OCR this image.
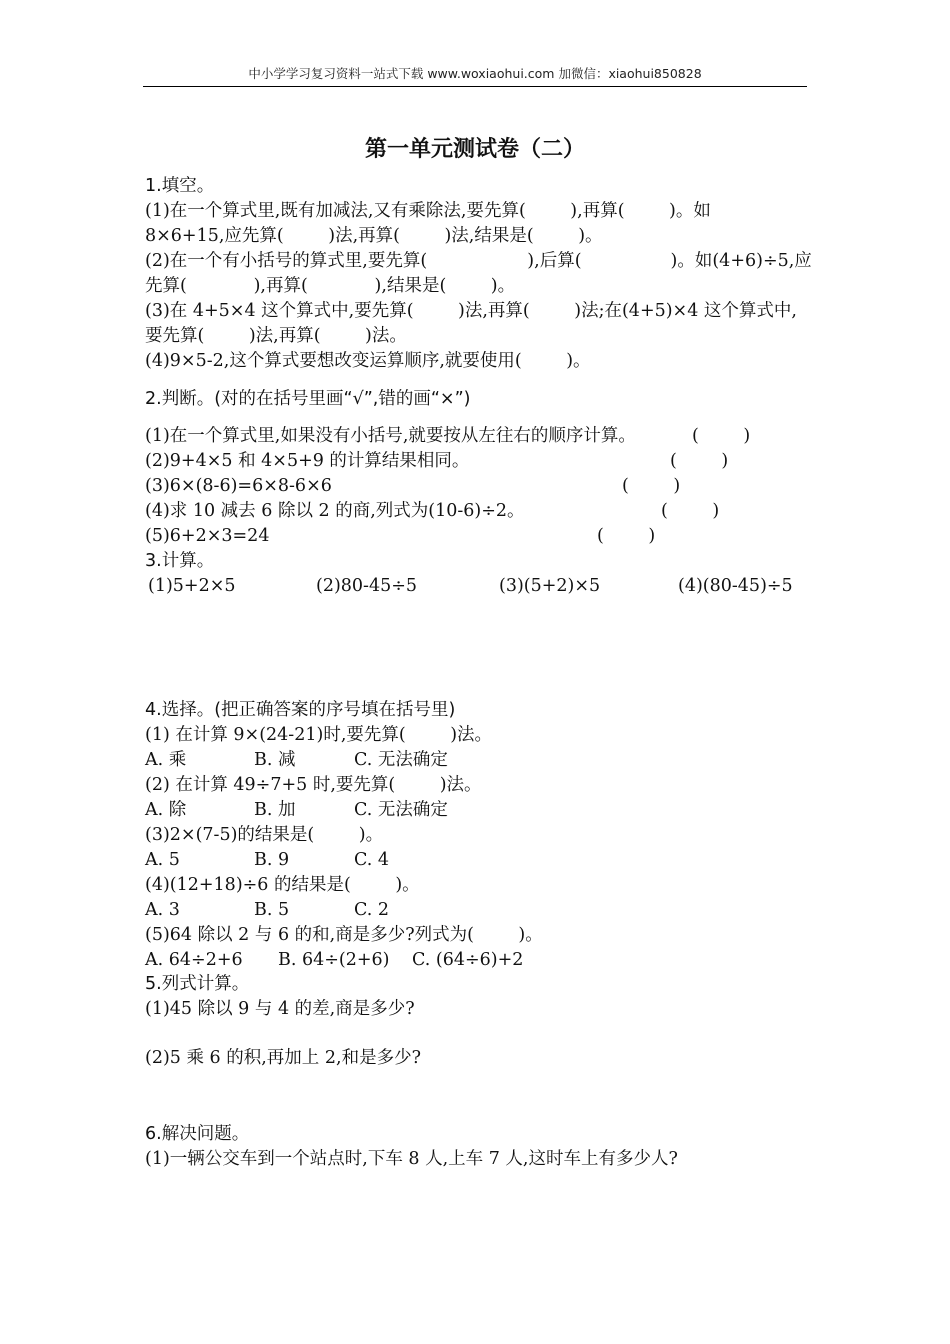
中小学学习复习资料一站式下载 www.woxiaohui.com 加微信：xiaohui850828
第一单元测试卷（二）
1.填空。
(1)在一个算式里,既有加减法,又有乘除法,要先算(        ),再算(        )。如
8×6+15,应先算(        )法,再算(        )法,结果是(        )。
(2)在一个有小括号的算式里,要先算(                  ),后算(                )。如(4+6)÷5,应
先算(            ),再算(            ),结果是(        )。
(3)在 4+5×4 这个算式中,要先算(        )法,再算(        )法;在(4+5)×4 这个算式中,
要先算(        )法,再算(        )法。
(4)9×5-2,这个算式要想改变运算顺序,就要使用(        )。
2.判断。(对的在括号里画“√”,错的画“×”)
(1)在一个算式里,如果没有小括号,就要按从左往右的顺序计算。	(        )
(2)9+4×5 和 4×5+9 的计算结果相同。	(        )
(3)6×(8-6)=6×8-6×6	(        )
(4)求 10 减去 6 除以 2 的商,列式为(10-6)÷2。	(        )
(5)6+2×3=24	(        )
3.计算。
(1)5+2×5	(2)80-45÷5	(3)(5+2)×5	(4)(80-45)÷5
4.选择。(把正确答案的序号填在括号里)
(1) 在计算 9×(24-21)时,要先算(        )法。
A. 乘	B. 减	C. 无法确定
(2) 在计算 49÷7+5 时,要先算(        )法。
A. 除	B. 加	C. 无法确定
(3)2×(7-5)的结果是(        )。
A. 5	B. 9	C. 4
(4)(12+18)÷6 的结果是(        )。
A. 3	B. 5	C. 2
(5)64 除以 2 与 6 的和,商是多少?列式为(        )。
A. 64÷2+6 B. 64÷(2+6) C. (64÷6)+2
5.列式计算。
(1)45 除以 9 与 4 的差,商是多少?
(2)5 乘 6 的积,再加上 2,和是多少?
6.解决问题。
(1)一辆公交车到一个站点时,下车 8 人,上车 7 人,这时车上有多少人?
